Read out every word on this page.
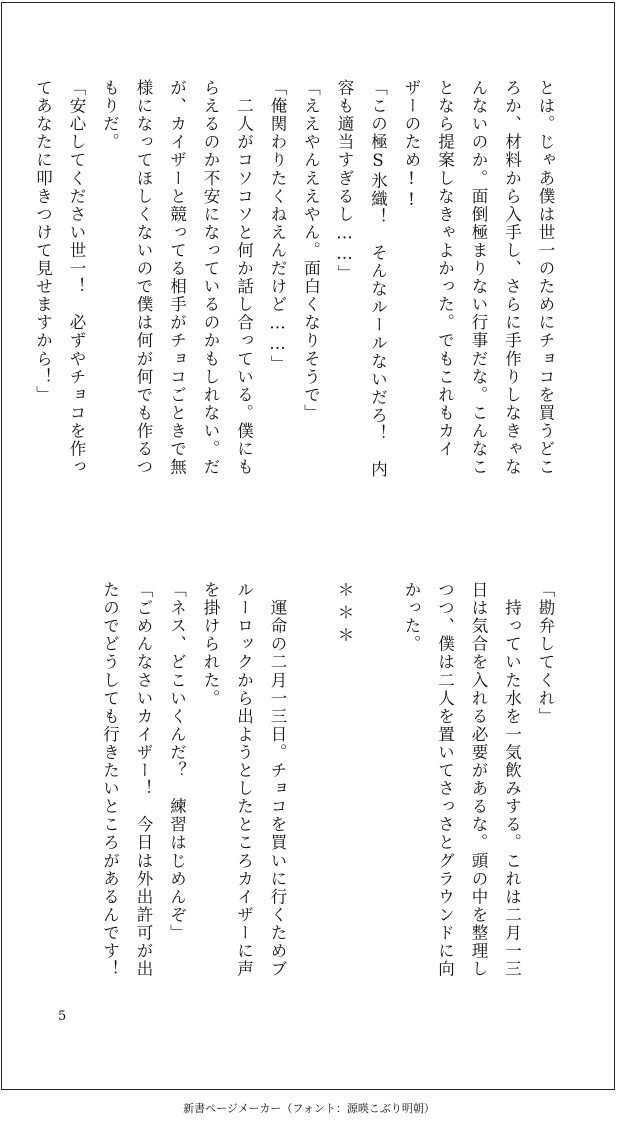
とは。じゃあ僕は世一のためにチョコを買うどこ
ろか、材料から入手し、さらに手作りしなきゃな
んないのか。面倒極まりない行事だな。こんなこ
となら提案しなきゃよかった。でもこれもカイ
ザーのため!!
「この極S氷織！　そんなルールないだろ！　内
容も適当すぎるし……」
「ええやんええやん。面白くなりそうで」
「俺関わりたくねえんだけど……」
　二人がコソコソと何か話し合っている。僕にも
らえるのか不安になっているのかもしれない。だ
が、カイザーと競ってる相手がチョコごときで無
様になってほしくないので僕は何が何でも作るつ
もりだ。
「安心してください世一！　必ずやチョコを作っ
てあなたに叩きつけて見せますから！」
「勘弁してくれ」
　持っていた水を一気飲みする。これは二月一三
日は気合を入れる必要があるな。頭の中を整理し
つつ、僕は二人を置いてさっさとグラウンドに向
かった。
＊＊＊
　運命の二月一三日。チョコを買いに行くためブ
ルーロックから出ようとしたところカイザーに声
を掛けられた。
「ネス、どこいくんだ？　練習はじめんぞ」
「ごめんなさいカイザー！　今日は外出許可が出
たのでどうしても行きたいところがあるんです！
5
新書ページメーカー（フォント：源暎こぶり明朝）
